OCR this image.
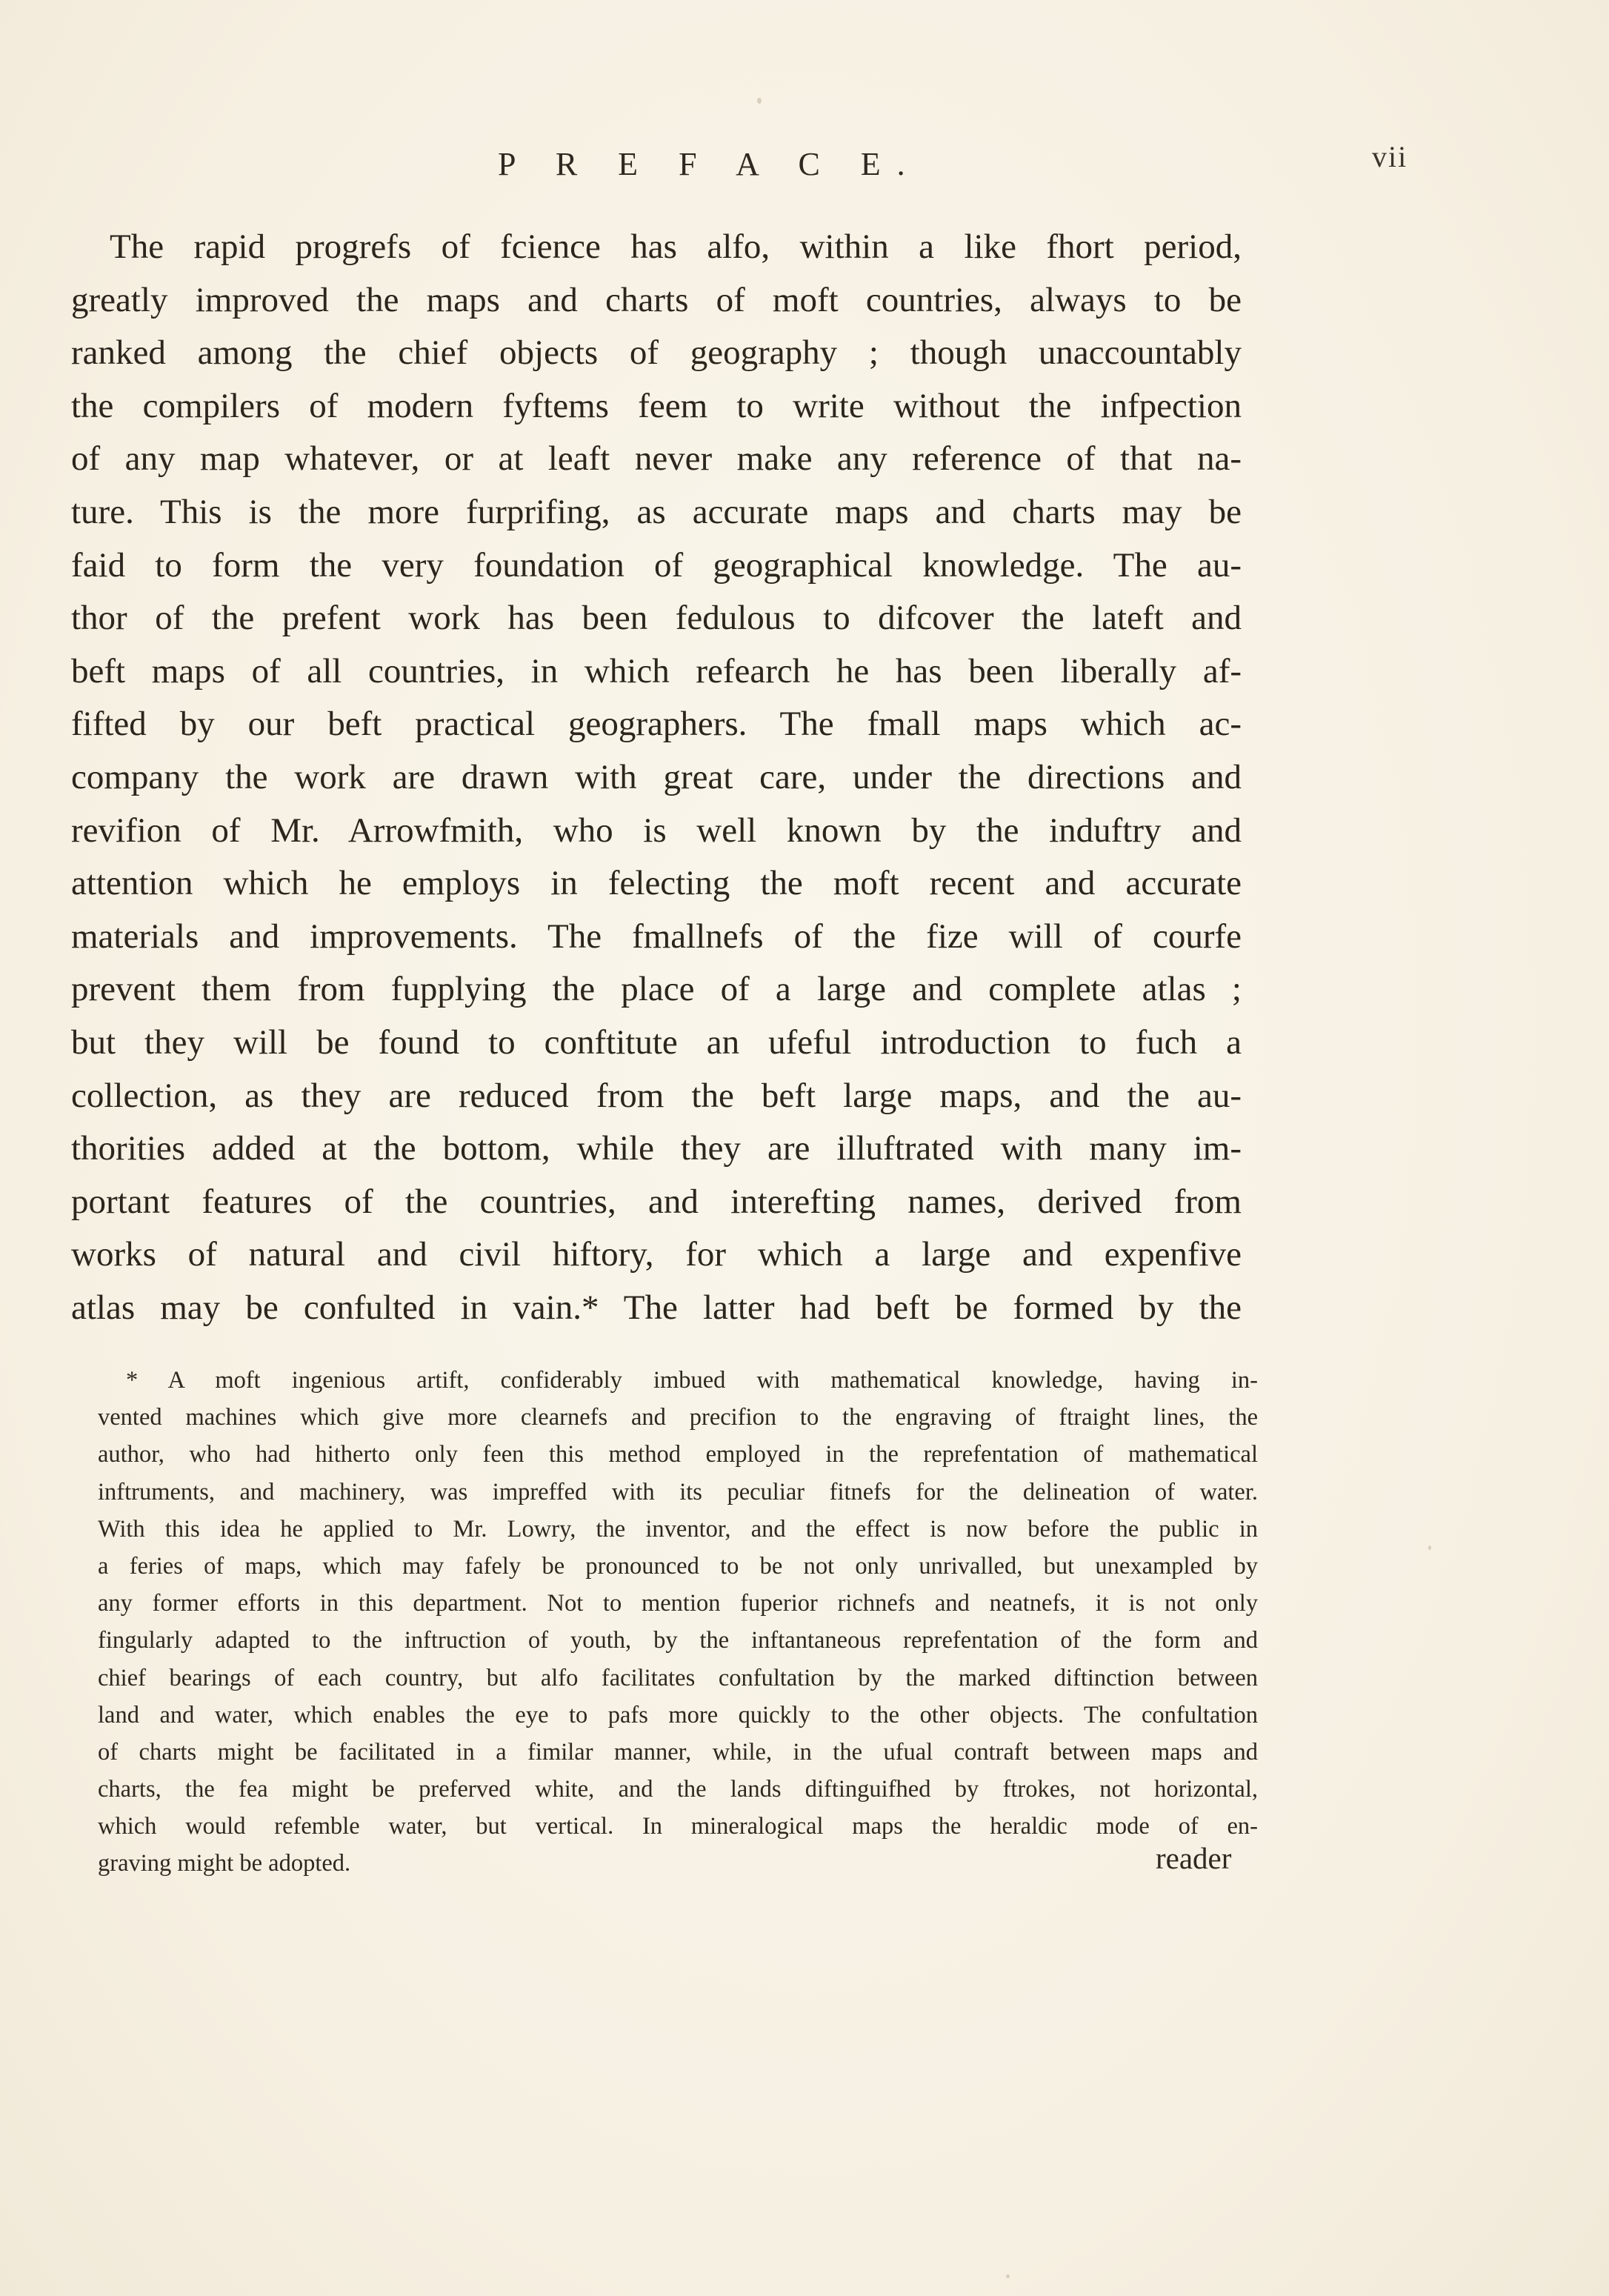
P R E F A C E.	vii
The rapid progrefs of fcience has alfo, within a like fhort period,
greatly improved the maps and charts of moft countries, always to be
ranked among the chief objects of geography ; though unaccountably
the compilers of modern fyftems feem to write without the infpection
of any map whatever, or at leaft never make any reference of that na-
ture. This is the more furprifing, as accurate maps and charts may be
faid to form the very foundation of geographical knowledge. The au-
thor of the prefent work has been fedulous to difcover the lateft and
beft maps of all countries, in which refearch he has been liberally af-
fifted by our beft practical geographers. The fmall maps which ac-
company the work are drawn with great care, under the directions and
revifion of Mr. Arrowfmith, who is well known by the induftry and
attention which he employs in felecting the moft recent and accurate
materials and improvements. The fmallnefs of the fize will of courfe
prevent them from fupplying the place of a large and complete atlas ;
but they will be found to conftitute an ufeful introduction to fuch a
collection, as they are reduced from the beft large maps, and the au-
thorities added at the bottom, while they are illuftrated with many im-
portant features of the countries, and interefting names, derived from
works of natural and civil hiftory, for which a large and expenfive
atlas may be confulted in vain.* The latter had beft be formed by the
* A moft ingenious artift, confiderably imbued with mathematical knowledge, having in-
vented machines which give more clearnefs and precifion to the engraving of ftraight lines, the
author, who had hitherto only feen this method employed in the reprefentation of mathematical
inftruments, and machinery, was impreffed with its peculiar fitnefs for the delineation of water.
With this idea he applied to Mr. Lowry, the inventor, and the effect is now before the public in
a feries of maps, which may fafely be pronounced to be not only unrivalled, but unexampled by
any former efforts in this department. Not to mention fuperior richnefs and neatnefs, it is not only
fingularly adapted to the inftruction of youth, by the inftantaneous reprefentation of the form and
chief bearings of each country, but alfo facilitates confultation by the marked diftinction between
land and water, which enables the eye to pafs more quickly to the other objects. The confultation
of charts might be facilitated in a fimilar manner, while, in the ufual contraft between maps and
charts, the fea might be preferved white, and the lands diftinguifhed by ftrokes, not horizontal,
which would refemble water, but vertical. In mineralogical maps the heraldic mode of en-
graving might be adopted.	reader
